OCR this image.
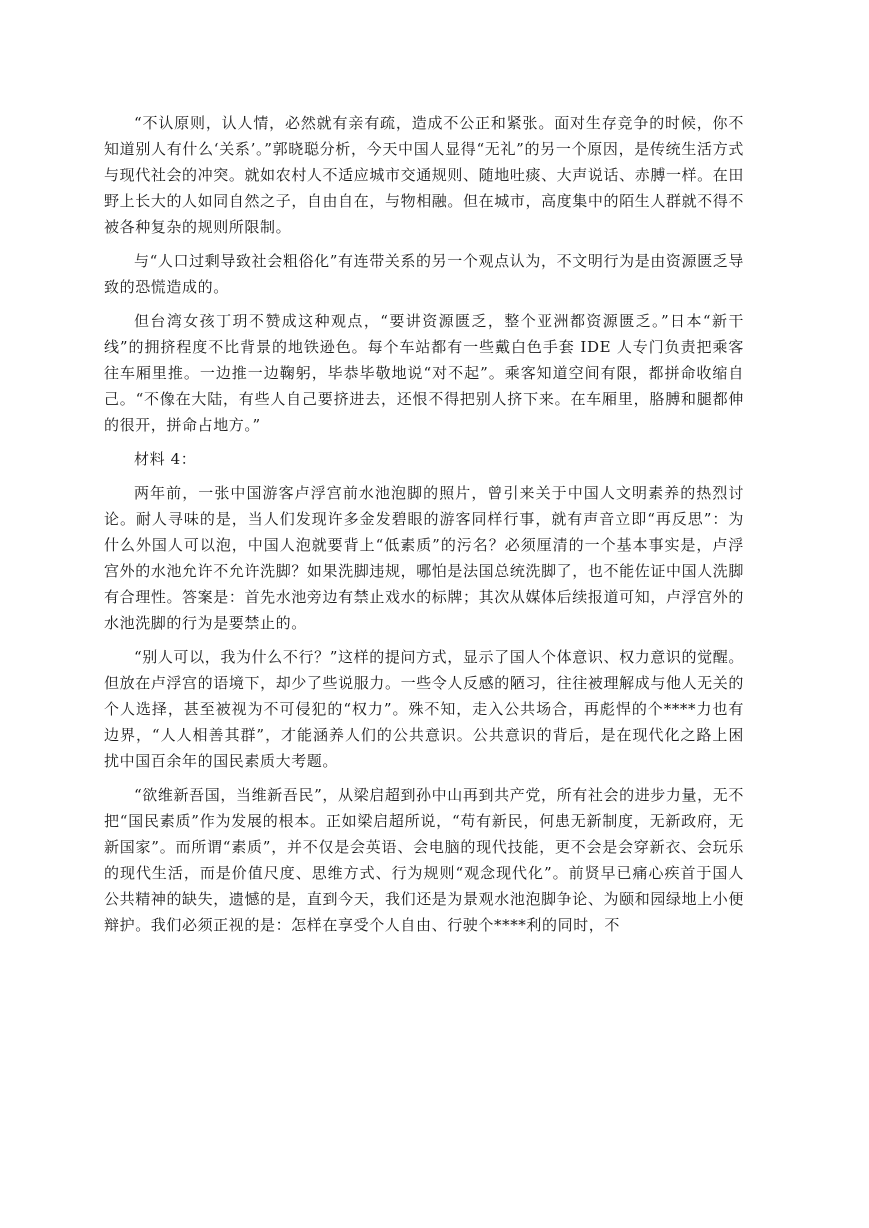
“不认原则，认人情，必然就有亲有疏，造成不公正和紧张。面对生存竞争的时候，你不知道别人有什么‘关系’。”郭晓聪分析，今天中国人显得“无礼”的另一个原因，是传统生活方式与现代社会的冲突。就如农村人不适应城市交通规则、随地吐痰、大声说话、赤膊一样。在田野上长大的人如同自然之子，自由自在，与物相融。但在城市，高度集中的陌生人群就不得不被各种复杂的规则所限制。

与“人口过剩导致社会粗俗化”有连带关系的另一个观点认为，不文明行为是由资源匮乏导致的恐慌造成的。

但台湾女孩丁玥不赞成这种观点，“要讲资源匮乏，整个亚洲都资源匮乏。”日本“新干线”的拥挤程度不比背景的地铁逊色。每个车站都有一些戴白色手套 IDE 人专门负责把乘客往车厢里推。一边推一边鞠躬，毕恭毕敬地说“对不起”。乘客知道空间有限，都拼命收缩自己。“不像在大陆，有些人自己要挤进去，还恨不得把别人挤下来。在车厢里，胳膊和腿都伸的很开，拼命占地方。”

材料 4：

两年前，一张中国游客卢浮宫前水池泡脚的照片，曾引来关于中国人文明素养的热烈讨论。耐人寻味的是，当人们发现许多金发碧眼的游客同样行事，就有声音立即“再反思”：为什么外国人可以泡，中国人泡就要背上“低素质”的污名？必须厘清的一个基本事实是，卢浮宫外的水池允许不允许洗脚？如果洗脚违规，哪怕是法国总统洗脚了，也不能佐证中国人洗脚有合理性。答案是：首先水池旁边有禁止戏水的标牌；其次从媒体后续报道可知，卢浮宫外的水池洗脚的行为是要禁止的。

“别人可以，我为什么不行？”这样的提问方式，显示了国人个体意识、权力意识的觉醒。但放在卢浮宫的语境下，却少了些说服力。一些令人反感的陋习，往往被理解成与他人无关的个人选择，甚至被视为不可侵犯的“权力”。殊不知，走入公共场合，再彪悍的个****力也有边界，“人人相善其群”，才能涵养人们的公共意识。公共意识的背后，是在现代化之路上困扰中国百余年的国民素质大考题。

“欲维新吾国，当维新吾民”，从梁启超到孙中山再到共产党，所有社会的进步力量，无不把“国民素质”作为发展的根本。正如梁启超所说，“苟有新民，何患无新制度，无新政府，无新国家”。而所谓“素质”，并不仅是会英语、会电脑的现代技能，更不会是会穿新衣、会玩乐的现代生活，而是价值尺度、思维方式、行为规则“观念现代化”。前贤早已痛心疾首于国人公共精神的缺失，遗憾的是，直到今天，我们还是为景观水池泡脚争论、为颐和园绿地上小便辩护。我们必须正视的是：怎样在享受个人自由、行驶个****利的同时，不
